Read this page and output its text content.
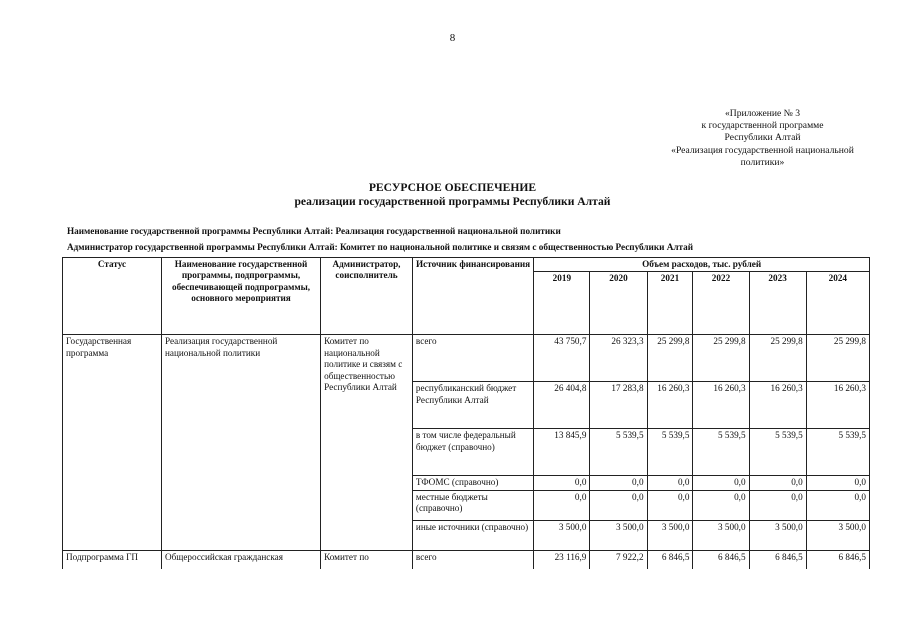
8
«Приложение № 3
к государственной программе
Республики Алтай
«Реализация государственной национальной
политики»
РЕСУРСНОЕ ОБЕСПЕЧЕНИЕ
реализации государственной программы Республики Алтай
Наименование государственной программы Республики Алтай: Реализация государственной национальной политики
Администратор государственной программы Республики Алтай: Комитет по национальной политике и связям с общественностью Республики Алтай
Статус	Наименование государственной программы, подпрограммы, обеспечивающей подпрограммы, основного мероприятия	Администратор, соисполнитель	Источник финансирования	Объем расходов, тыс. рублей					
				2019	2020	2021	2022	2023	2024
Государственная программа	Реализация государственной национальной политики	Комитет по национальной политике и связям с общественностью Республики Алтай	всего	43 750,7	26 323,3	25 299,8	25 299,8	25 299,8	25 299,8
			республиканский бюджет Республики Алтай	26 404,8	17 283,8	16 260,3	16 260,3	16 260,3	16 260,3
			в том числе федеральный бюджет (справочно)	13 845,9	5 539,5	5 539,5	5 539,5	5 539,5	5 539,5
			ТФОМС (справочно)	0,0	0,0	0,0	0,0	0,0	0,0
			местные бюджеты (справочно)	0,0	0,0	0,0	0,0	0,0	0,0
			иные источники (справочно)	3 500,0	3 500,0	3 500,0	3 500,0	3 500,0	3 500,0
Подпрограмма ГП	Общероссийская гражданская	Комитет по	всего	23 116,9	7 922,2	6 846,5	6 846,5	6 846,5	6 846,5
